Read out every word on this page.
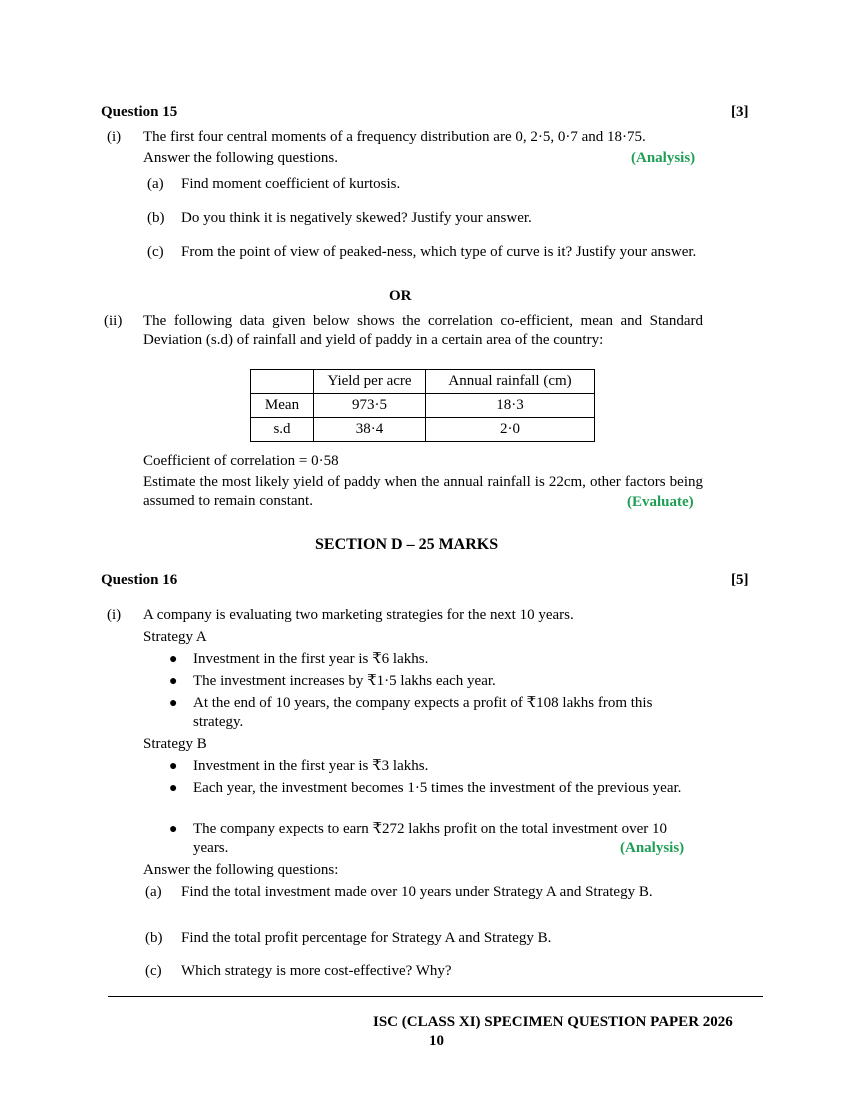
Question 15	[3]
(i) The first four central moments of a frequency distribution are 0, 2·5, 0·7 and 18·75.
Answer the following questions.	(Analysis)
(a) Find moment coefficient of kurtosis.
(b) Do you think it is negatively skewed? Justify your answer.
(c) From the point of view of peaked-ness, which type of curve is it? Justify your answer.
OR
(ii) The following data given below shows the correlation co-efficient, mean and Standard Deviation (s.d) of rainfall and yield of paddy in a certain area of the country:
	Yield per acre	Annual rainfall (cm)
Mean	973·5	18·3
s.d	38·4	2·0
Coefficient of correlation = 0·58
Estimate the most likely yield of paddy when the annual rainfall is 22cm, other factors being assumed to remain constant.	(Evaluate)
SECTION D – 25 MARKS
Question 16	[5]
(i) A company is evaluating two marketing strategies for the next 10 years.
Strategy A
● Investment in the first year is ₹6 lakhs.
● The investment increases by ₹1·5 lakhs each year.
● At the end of 10 years, the company expects a profit of ₹108 lakhs from this strategy.
Strategy B
● Investment in the first year is ₹3 lakhs.
● Each year, the investment becomes 1·5 times the investment of the previous year.
● The company expects to earn ₹272 lakhs profit on the total investment over 10 years.	(Analysis)
Answer the following questions:
(a) Find the total investment made over 10 years under Strategy A and Strategy B.
(b) Find the total profit percentage for Strategy A and Strategy B.
(c) Which strategy is more cost-effective? Why?
ISC (CLASS XI) SPECIMEN QUESTION PAPER 2026
10
